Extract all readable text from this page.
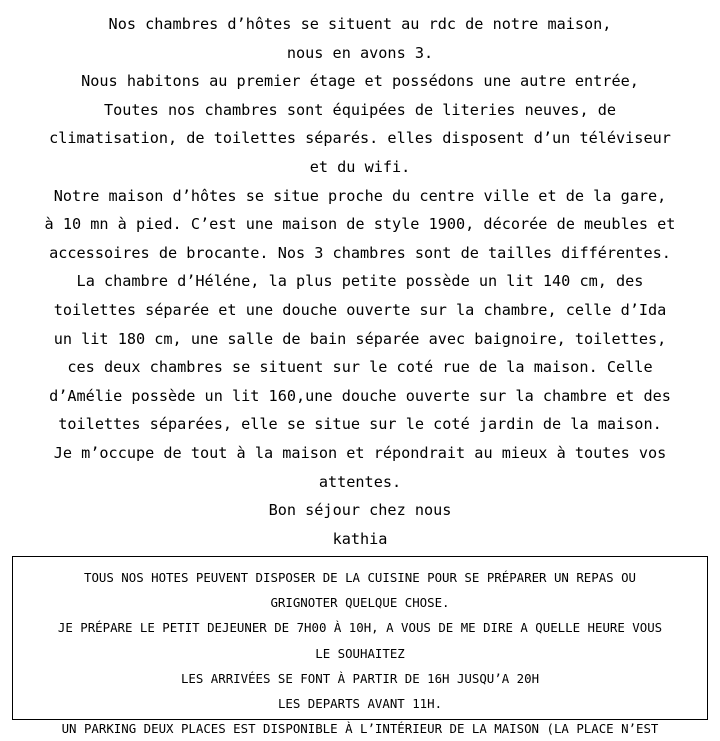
Nos chambres d’hôtes se situent au rdc de notre maison,

nous en avons 3.

Nous habitons au premier étage et possédons une autre entrée,

Toutes nos chambres sont équipées de literies neuves, de

climatisation, de toilettes séparés. elles disposent d’un téléviseur

et du wifi.

Notre maison d’hôtes se situe proche du centre ville et de la gare,

à 10 mn à pied. C’est une maison de style 1900, décorée de meubles et

accessoires de brocante. Nos 3 chambres sont de tailles différentes.

La chambre d’Héléne, la plus petite possède un lit 140 cm, des

toilettes séparée et une douche ouverte sur la chambre, celle d’Ida

un lit 180 cm, une salle de bain séparée avec baignoire, toilettes,

ces deux chambres se situent sur le coté rue de la maison. Celle

d’Amélie possède un lit 160,une douche ouverte sur la chambre et des

toilettes séparées, elle se situe sur le coté jardin de la maison.

Je m’occupe de tout à la maison et répondrait au mieux à toutes vos

attentes.

Bon séjour chez nous

kathia

TOUS NOS HOTES PEUVENT DISPOSER DE LA CUISINE POUR SE PRÉPARER UN REPAS OU

GRIGNOTER QUELQUE CHOSE.

JE PRÉPARE LE PETIT DEJEUNER DE 7H00 À 10H, A VOUS DE ME DIRE A QUELLE HEURE VOUS

LE SOUHAITEZ

LES ARRIVÉES SE FONT À PARTIR DE 16H JUSQU’A 20H

LES DEPARTS AVANT 11H.

UN PARKING DEUX PLACES EST DISPONIBLE À L’INTÉRIEUR DE LA MAISON (LA PLACE N’EST
